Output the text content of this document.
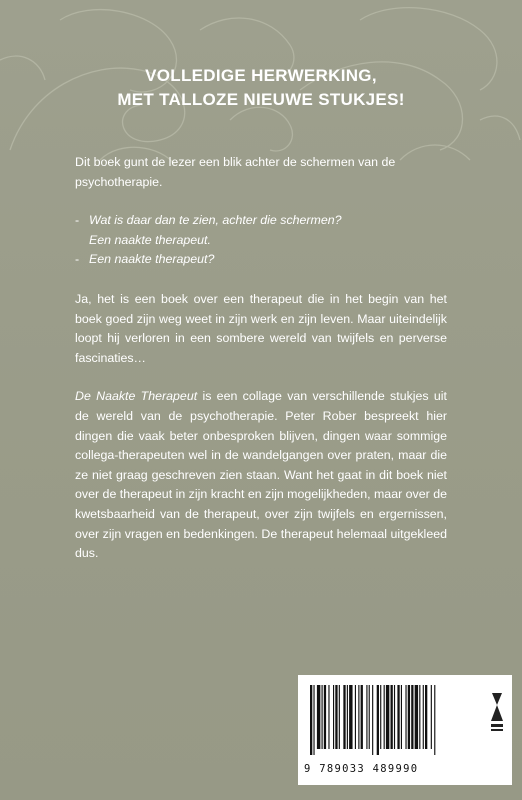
VOLLEDIGE HERWERKING,
MET TALLOZE NIEUWE STUKJES!

Dit boek gunt de lezer een blik achter de schermen van de psychotherapie.

- Wat is daar dan te zien, achter die schermen?
Een naakte therapeut.
- Een naakte therapeut?

Ja, het is een boek over een therapeut die in het begin van het boek goed zijn weg weet in zijn werk en zijn leven. Maar uiteindelijk loopt hij verloren in een sombere wereld van twijfels en perverse fascinaties…

De Naakte Therapeut is een collage van verschillende stukjes uit de wereld van de psychotherapie. Peter Rober bespreekt hier dingen die vaak beter onbesproken blijven, dingen waar sommige collega-therapeuten wel in de wandelgangen over praten, maar die ze niet graag geschreven zien staan. Want het gaat in dit boek niet over de therapeut in zijn kracht en zijn mogelijkheden, maar over de kwetsbaarheid van de therapeut, over zijn twijfels en ergernissen, over zijn vragen en bedenkingen. De therapeut helemaal uitgekleed dus.

9 789033 489990
